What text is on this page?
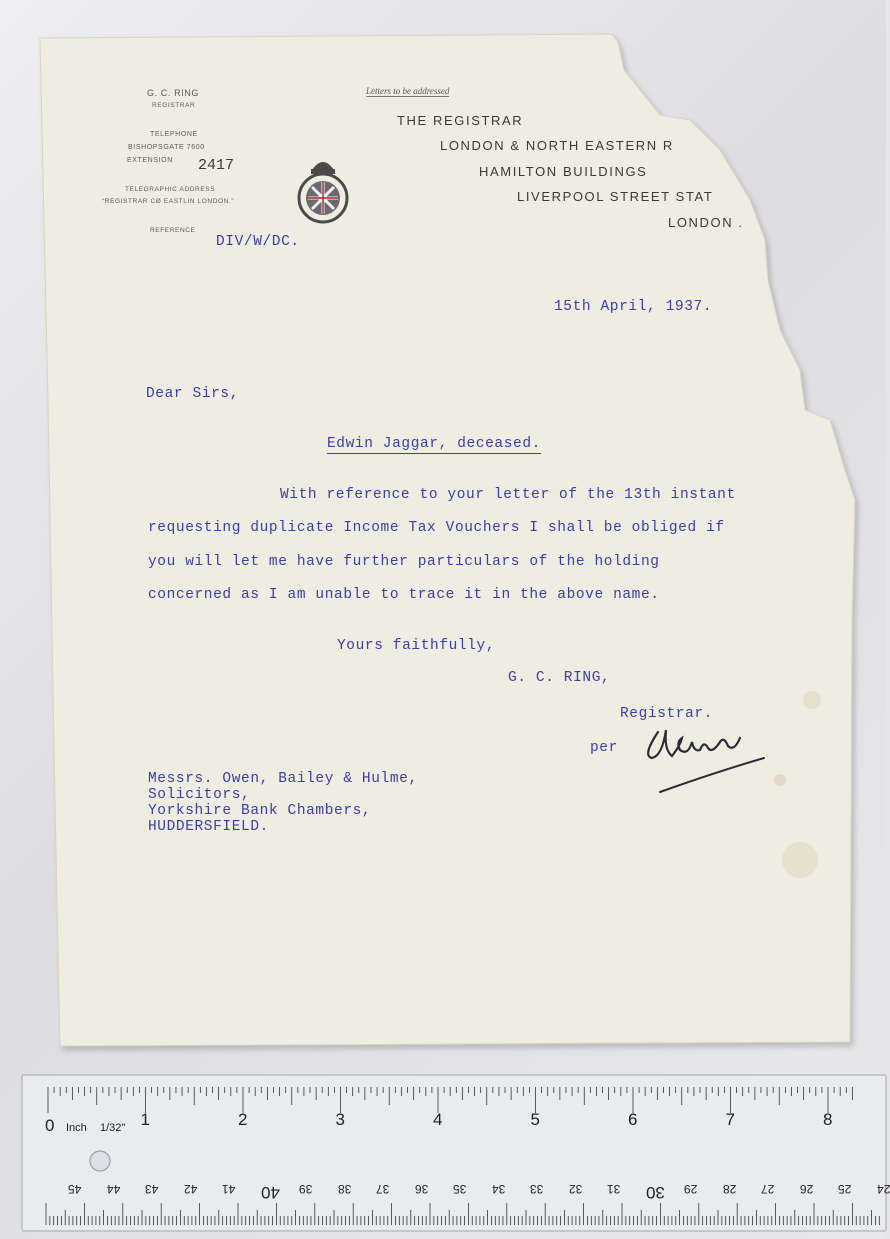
G. C. RING
REGISTRAR
TELEPHONE
BISHOPSGATE 7600
EXTENSION 2417
TELEGRAPHIC ADDRESS
“REGISTRAR CØ EASTLIN LONDON.”
REFERENCE
Letters to be addressed
THE REGISTRAR
LONDON & NORTH EASTERN R
HAMILTON BUILDINGS
LIVERPOOL STREET STAT
LONDON .
DIV/W/DC.
15th April, 1937.
Dear Sirs,
Edwin Jaggar, deceased.
With reference to your letter of the 13th instant
requesting duplicate Income Tax Vouchers I shall be obliged if
you will let me have further particulars of the holding
concerned as I am unable to trace it in the above name.
Yours faithfully,
G. C. RING,
Registrar.
per
Messrs. Owen, Bailey & Hulme,
Solicitors,
Yorkshire Bank Chambers,
HUDDERSFIELD.
0 Inch 1/32" 1	2	3	4	5	6	7	8
45 44 43 42 41 40 39 38 37 36 35 34 33 32 31 30 29 28 27 26 25 24
